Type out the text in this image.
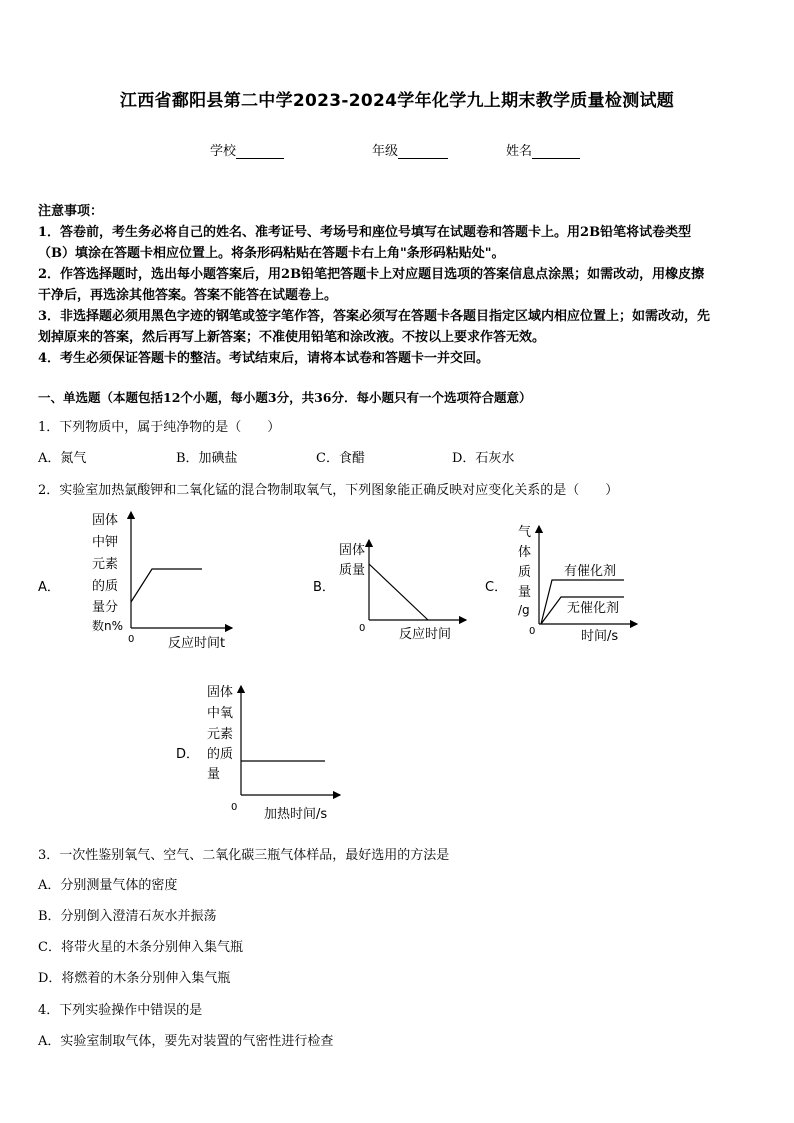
江西省鄱阳县第二中学2023-2024学年化学九上期末教学质量检测试题
学校	年级	姓名
注意事项：
1．答卷前，考生务必将自己的姓名、准考证号、考场号和座位号填写在试题卷和答题卡上。用2B铅笔将试卷类型
（B）填涂在答题卡相应位置上。将条形码粘贴在答题卡右上角"条形码粘贴处"。
2．作答选择题时，选出每小题答案后，用2B铅笔把答题卡上对应题目选项的答案信息点涂黑；如需改动，用橡皮擦
干净后，再选涂其他答案。答案不能答在试题卷上。
3．非选择题必须用黑色字迹的钢笔或签字笔作答，答案必须写在答题卡各题目指定区域内相应位置上；如需改动，先
划掉原来的答案，然后再写上新答案；不准使用铅笔和涂改液。不按以上要求作答无效。
4．考生必须保证答题卡的整洁。考试结束后，请将本试卷和答题卡一并交回。
一、单选题（本题包括12个小题，每小题3分，共36分．每小题只有一个选项符合题意）
1．下列物质中，属于纯净物的是（　　）
A．氮气	B．加碘盐	C．食醋	D．石灰水
2．实验室加热氯酸钾和二氧化锰的混合物制取氧气，下列图象能正确反映对应变化关系的是（　　）
A．
固体
中钾
元素
的质
量分
数n%
0	反应时间t
B．
固体
质量
0	反应时间
C．
气
体
质
量
/g
0	时间/s
有催化剂
无催化剂
D．
固体
中氧
元素
的质
量
0 加热时间/s
3．一次性鉴别氧气、空气、二氧化碳三瓶气体样品，最好选用的方法是
A．分别测量气体的密度
B．分别倒入澄清石灰水并振荡
C．将带火星的木条分别伸入集气瓶
D．将燃着的木条分别伸入集气瓶
4．下列实验操作中错误的是
A．实验室制取气体，要先对装置的气密性进行检查
